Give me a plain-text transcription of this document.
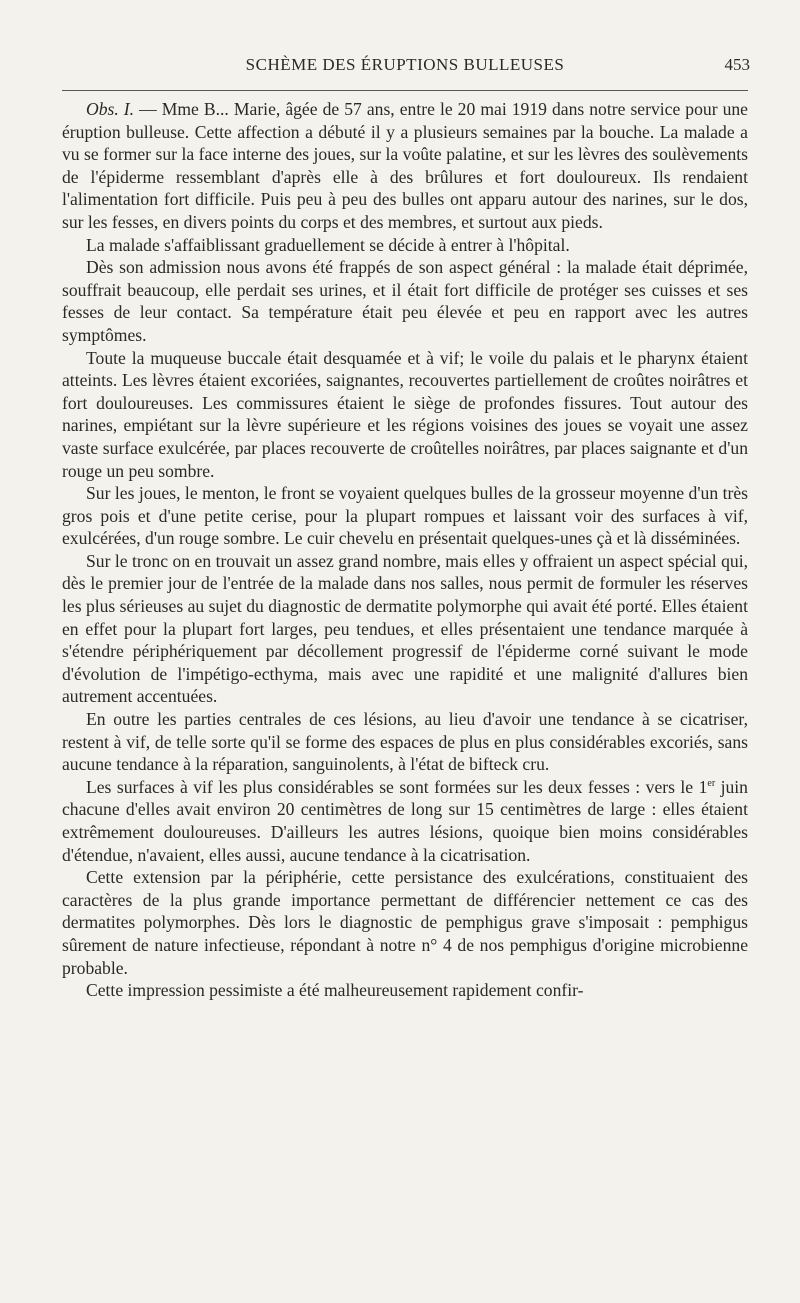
SCHÈME DES ÉRUPTIONS BULLEUSES	453

Obs. I. — Mme B... Marie, âgée de 57 ans, entre le 20 mai 1919 dans notre service pour une éruption bulleuse. Cette affection a débuté il y a plusieurs semaines par la bouche. La malade a vu se former sur la face interne des joues, sur la voûte palatine, et sur les lèvres des soulèvements de l'épiderme ressemblant d'après elle à des brûlures et fort douloureux. Ils rendaient l'alimentation fort difficile. Puis peu à peu des bulles ont apparu autour des narines, sur le dos, sur les fesses, en divers points du corps et des membres, et surtout aux pieds.

La malade s'affaiblissant graduellement se décide à entrer à l'hôpital.

Dès son admission nous avons été frappés de son aspect général : la malade était déprimée, souffrait beaucoup, elle perdait ses urines, et il était fort difficile de protéger ses cuisses et ses fesses de leur contact. Sa température était peu élevée et peu en rapport avec les autres symptômes.

Toute la muqueuse buccale était desquamée et à vif; le voile du palais et le pharynx étaient atteints. Les lèvres étaient excoriées, saignantes, recouvertes partiellement de croûtes noirâtres et fort douloureuses. Les commissures étaient le siège de profondes fissures. Tout autour des narines, empiétant sur la lèvre supérieure et les régions voisines des joues se voyait une assez vaste surface exulcérée, par places recouverte de croûtelles noirâtres, par places saignante et d'un rouge un peu sombre.

Sur les joues, le menton, le front se voyaient quelques bulles de la grosseur moyenne d'un très gros pois et d'une petite cerise, pour la plupart rompues et laissant voir des surfaces à vif, exulcérées, d'un rouge sombre. Le cuir chevelu en présentait quelques-unes çà et là disséminées.

Sur le tronc on en trouvait un assez grand nombre, mais elles y offraient un aspect spécial qui, dès le premier jour de l'entrée de la malade dans nos salles, nous permit de formuler les réserves les plus sérieuses au sujet du diagnostic de dermatite polymorphe qui avait été porté. Elles étaient en effet pour la plupart fort larges, peu tendues, et elles présentaient une tendance marquée à s'étendre périphériquement par décollement progressif de l'épiderme corné suivant le mode d'évolution de l'impétigo-ecthyma, mais avec une rapidité et une malignité d'allures bien autrement accentuées.

En outre les parties centrales de ces lésions, au lieu d'avoir une tendance à se cicatriser, restent à vif, de telle sorte qu'il se forme des espaces de plus en plus considérables excoriés, sans aucune tendance à la réparation, sanguinolents, à l'état de bifteck cru.

Les surfaces à vif les plus considérables se sont formées sur les deux fesses : vers le 1er juin chacune d'elles avait environ 20 centimètres de long sur 15 centimètres de large : elles étaient extrêmement douloureuses. D'ailleurs les autres lésions, quoique bien moins considérables d'étendue, n'avaient, elles aussi, aucune tendance à la cicatrisation.

Cette extension par la périphérie, cette persistance des exulcérations, constituaient des caractères de la plus grande importance permettant de différencier nettement ce cas des dermatites polymorphes. Dès lors le diagnostic de pemphigus grave s'imposait : pemphigus sûrement de nature infectieuse, répondant à notre n° 4 de nos pemphigus d'origine microbienne probable.

Cette impression pessimiste a été malheureusement rapidement confir-
